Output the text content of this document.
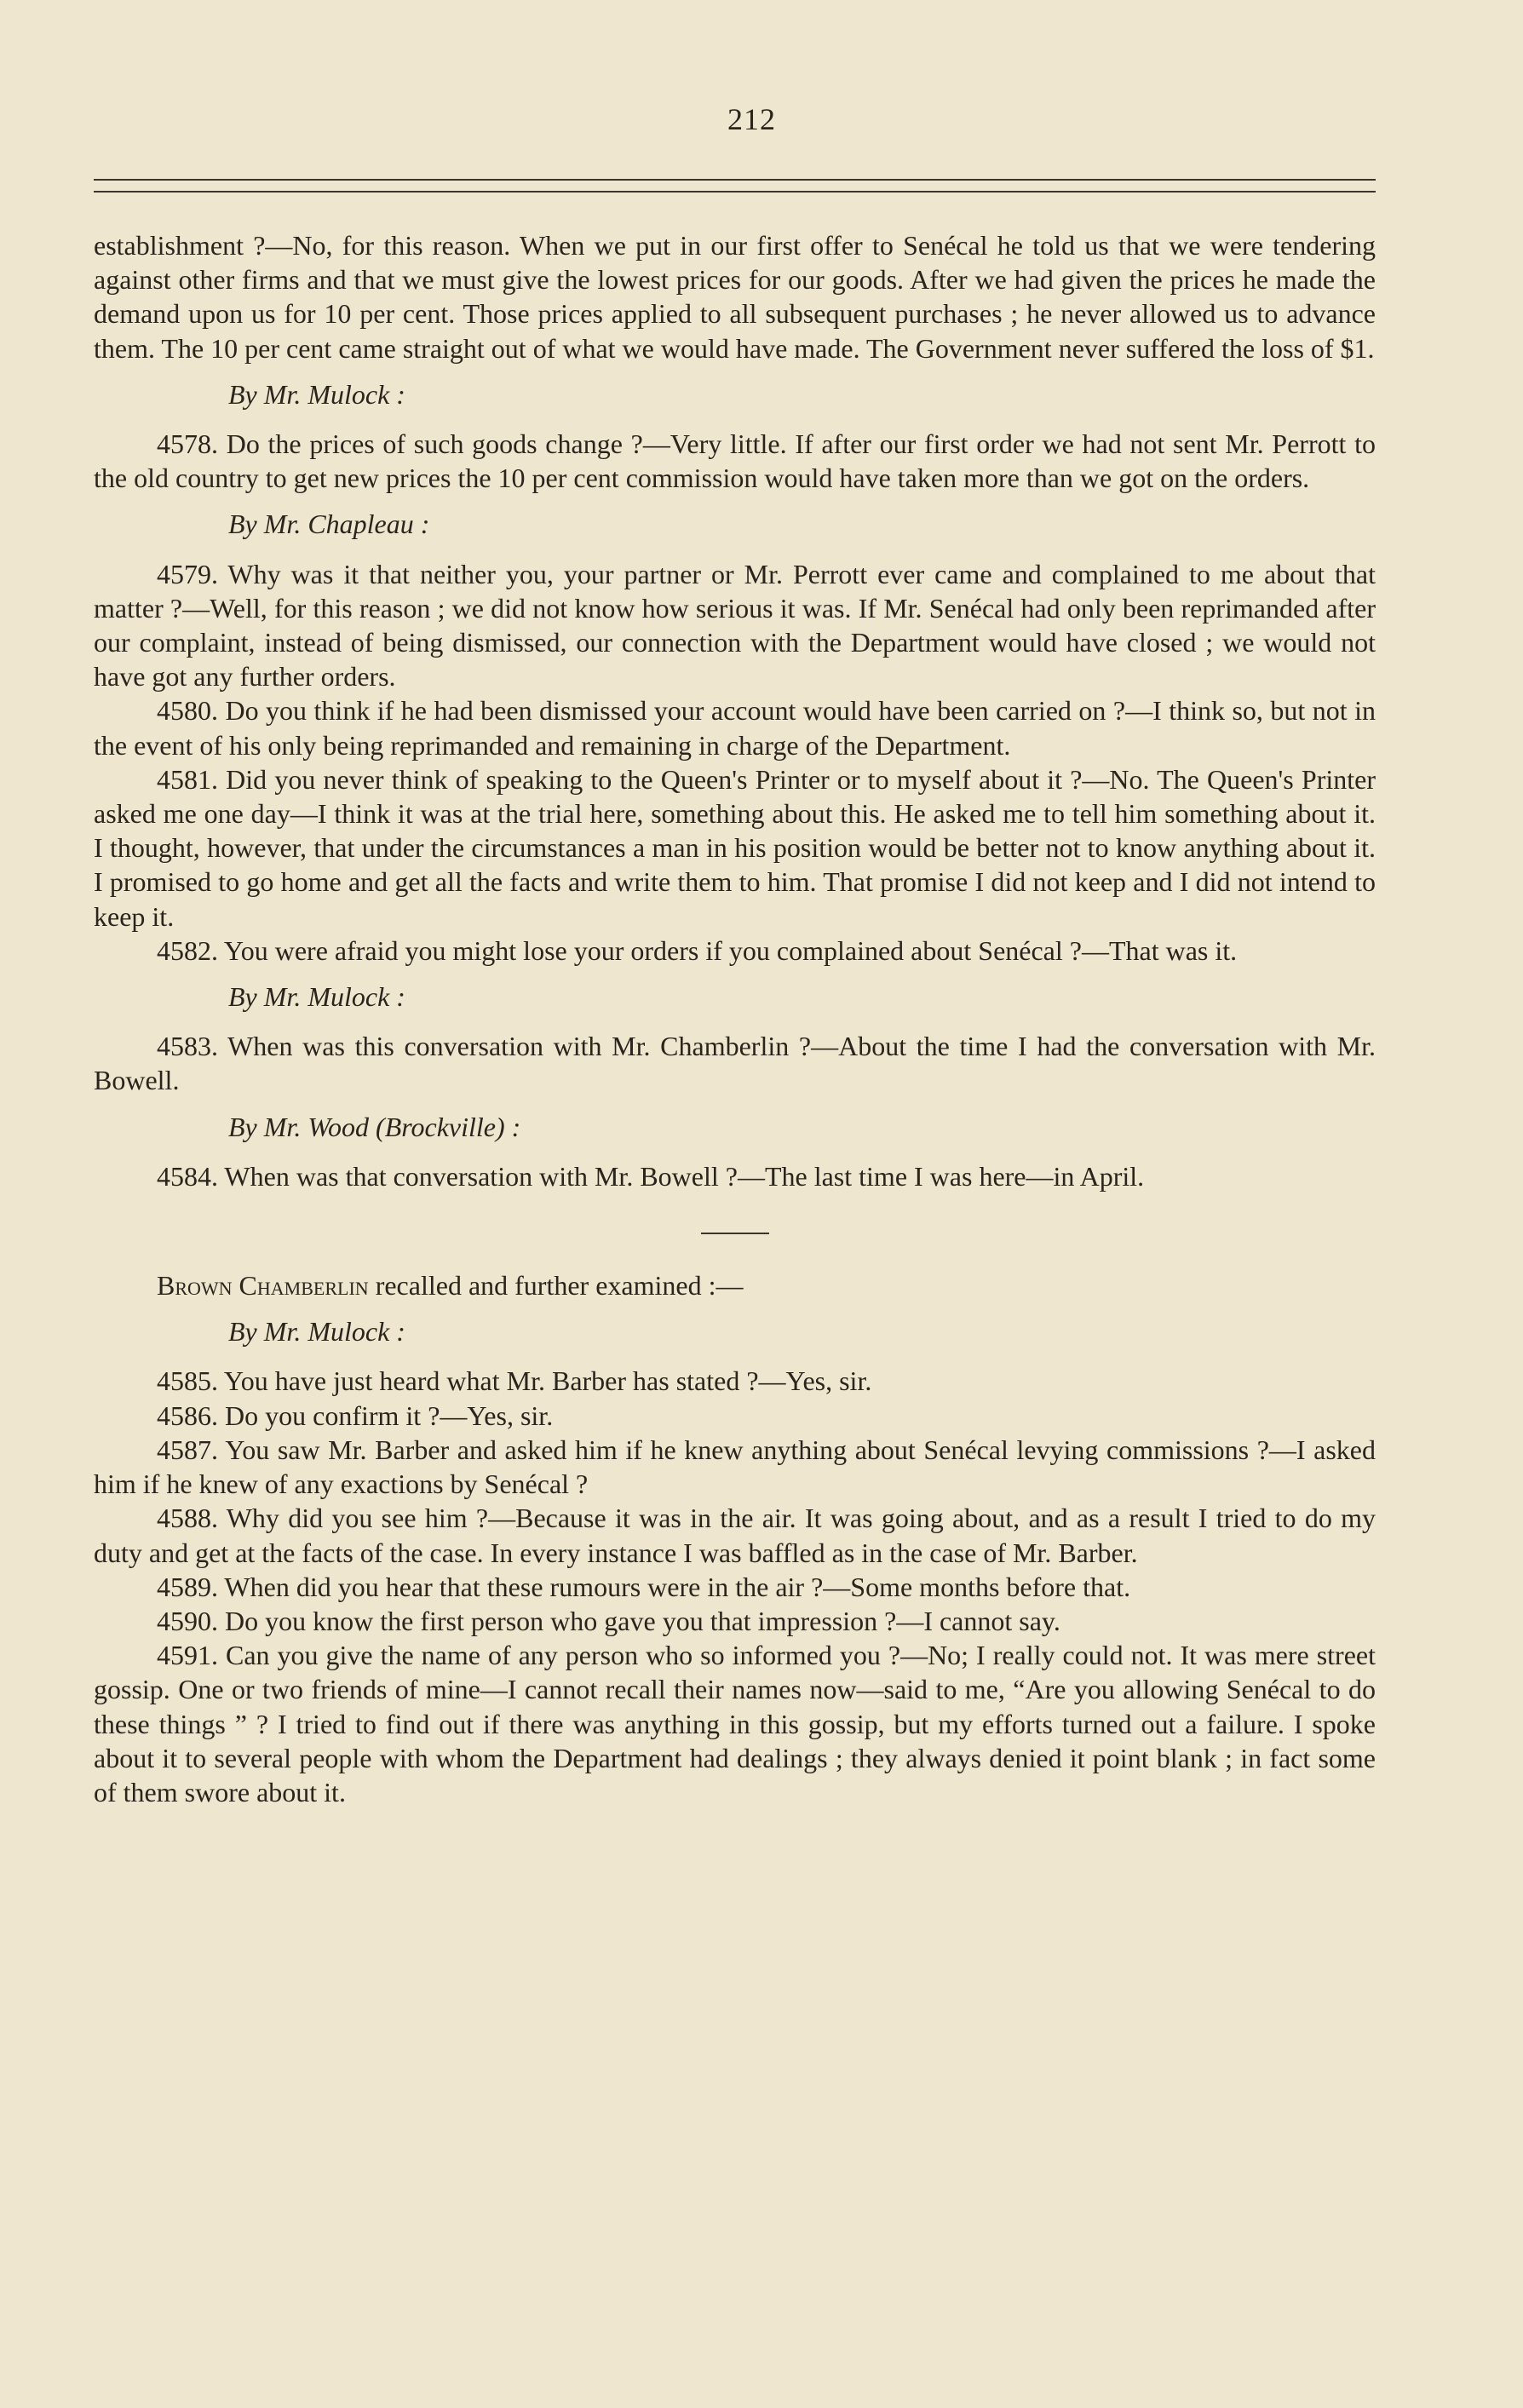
212

establishment ?—No, for this reason. When we put in our first offer to Senécal he told us that we were tendering against other firms and that we must give the lowest prices for our goods. After we had given the prices he made the demand upon us for 10 per cent. Those prices applied to all subsequent purchases ; he never allowed us to advance them. The 10 per cent came straight out of what we would have made. The Government never suffered the loss of $1.

By Mr. Mulock :

4578. Do the prices of such goods change ?—Very little. If after our first order we had not sent Mr. Perrott to the old country to get new prices the 10 per cent commission would have taken more than we got on the orders.

By Mr. Chapleau :

4579. Why was it that neither you, your partner or Mr. Perrott ever came and complained to me about that matter ?—Well, for this reason ; we did not know how serious it was. If Mr. Senécal had only been reprimanded after our complaint, instead of being dismissed, our connection with the Department would have closed ; we would not have got any further orders.

4580. Do you think if he had been dismissed your account would have been carried on ?—I think so, but not in the event of his only being reprimanded and remaining in charge of the Department.

4581. Did you never think of speaking to the Queen's Printer or to myself about it ?—No. The Queen's Printer asked me one day—I think it was at the trial here, something about this. He asked me to tell him something about it. I thought, however, that under the circumstances a man in his position would be better not to know anything about it. I promised to go home and get all the facts and write them to him. That promise I did not keep and I did not intend to keep it.

4582. You were afraid you might lose your orders if you complained about Senécal ?—That was it.

By Mr. Mulock :

4583. When was this conversation with Mr. Chamberlin ?—About the time I had the conversation with Mr. Bowell.

By Mr. Wood (Brockville) :

4584. When was that conversation with Mr. Bowell ?—The last time I was here—in April.

Brown Chamberlin recalled and further examined :—

By Mr. Mulock :

4585. You have just heard what Mr. Barber has stated ?—Yes, sir.

4586. Do you confirm it ?—Yes, sir.

4587. You saw Mr. Barber and asked him if he knew anything about Senécal levying commissions ?—I asked him if he knew of any exactions by Senécal ?

4588. Why did you see him ?—Because it was in the air. It was going about, and as a result I tried to do my duty and get at the facts of the case. In every instance I was baffled as in the case of Mr. Barber.

4589. When did you hear that these rumours were in the air ?—Some months before that.

4590. Do you know the first person who gave you that impression ?—I cannot say.

4591. Can you give the name of any person who so informed you ?—No; I really could not. It was mere street gossip. One or two friends of mine—I cannot recall their names now—said to me, “Are you allowing Senécal to do these things ” ? I tried to find out if there was anything in this gossip, but my efforts turned out a failure. I spoke about it to several people with whom the Department had dealings ; they always denied it point blank ; in fact some of them swore about it.
